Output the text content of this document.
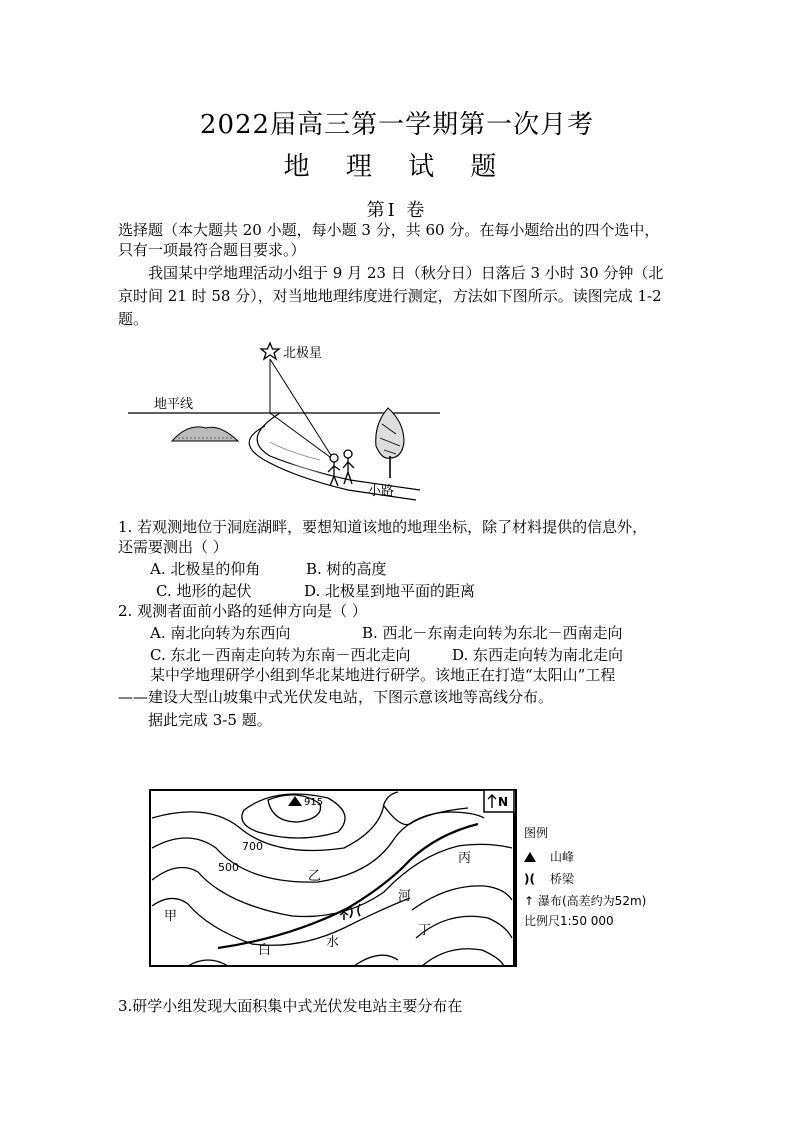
2022届高三第一学期第一次月考
地 理 试 题
第Ⅰ 卷
选择题（本大题共 20 小题，每小题 3 分，共 60 分。在每小题给出的四个选中，
只有一项最符合题目要求。）
我国某中学地理活动小组于 9 月 23 日（秋分日）日落后 3 小时 30 分钟（北
京时间 21 时 58 分），对当地地理纬度进行测定，方法如下图所示。读图完成 1-2
题。
北极星
地平线
小路
1. 若观测地位于洞庭湖畔，要想知道该地的地理坐标，除了材料提供的信息外，
还需要测出（ ）
A. 北极星的仰角	B. 树的高度
C. 地形的起伏	D. 北极星到地平面的距离
2. 观测者面前小路的延伸方向是（ ）
A. 南北向转为东西向	B. 西北－东南走向转为东北－西南走向
C. 东北－西南走向转为东南－西北走向	D. 东西走向转为南北走向
某中学地理研学小组到华北某地进行研学。该地正在打造“太阳山”工程
——建设大型山坡集中式光伏发电站，下图示意该地等高线分布。
据此完成 3-5 题。
N
915
700
500
甲
乙
丙
丁
白
水
河
图例
山峰
)( 桥梁
↑ 瀑布(高差约为52m)
比例尺1:50 000
3.研学小组发现大面积集中式光伏发电站主要分布在
